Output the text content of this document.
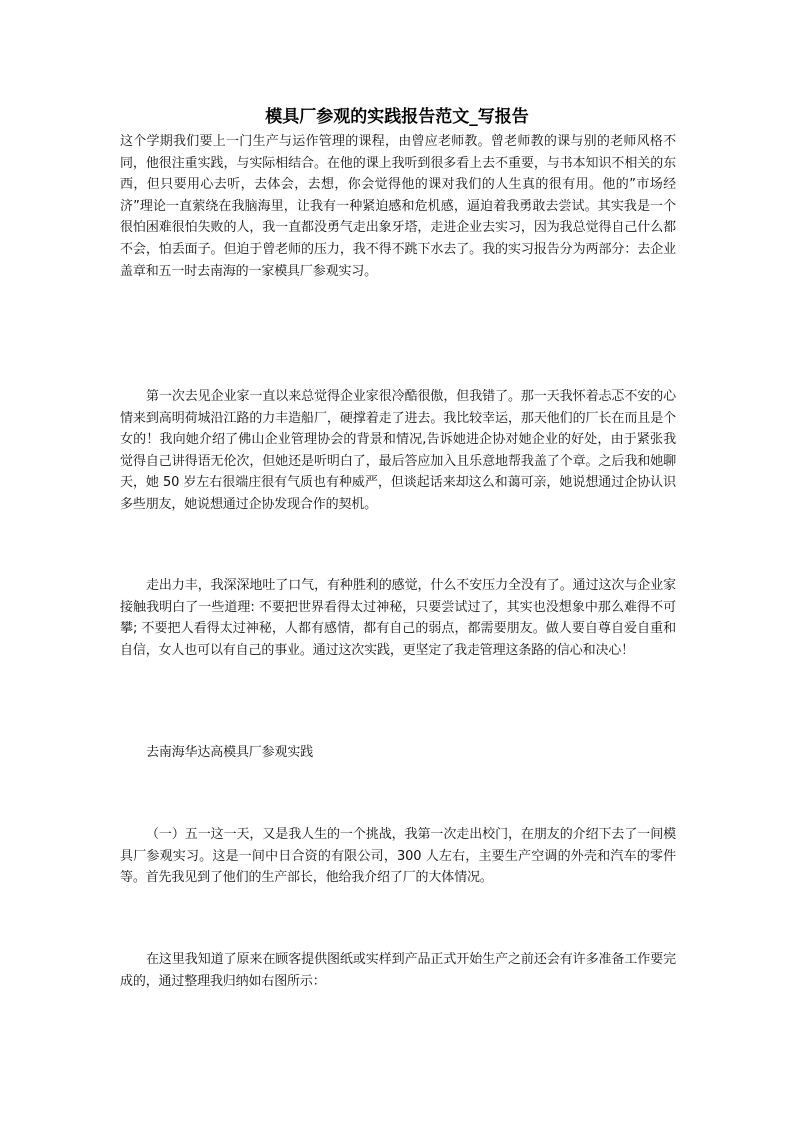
模具厂参观的实践报告范文_写报告

这个学期我们要上一门生产与运作管理的课程，由曾应老师教。曾老师教的课与别的老师风格不同，他很注重实践，与实际相结合。在他的课上我听到很多看上去不重要，与书本知识不相关的东西，但只要用心去听，去体会，去想，你会觉得他的课对我们的人生真的很有用。他的”市场经济”理论一直萦绕在我脑海里，让我有一种紧迫感和危机感，逼迫着我勇敢去尝试。其实我是一个很怕困难很怕失败的人，我一直都没勇气走出象牙塔，走进企业去实习，因为我总觉得自己什么都不会，怕丢面子。但迫于曾老师的压力，我不得不跳下水去了。我的实习报告分为两部分：去企业盖章和五一时去南海的一家模具厂参观实习。

第一次去见企业家一直以来总觉得企业家很冷酷很傲，但我错了。那一天我怀着忐忑不安的心情来到高明荷城沿江路的力丰造船厂，硬撑着走了进去。我比较幸运，那天他们的厂长在而且是个女的！我向她介绍了佛山企业管理协会的背景和情况,告诉她进企协对她企业的好处，由于紧张我觉得自己讲得语无伦次，但她还是听明白了，最后答应加入且乐意地帮我盖了个章。之后我和她聊天，她 50 岁左右很端庄很有气质也有种威严，但谈起话来却这么和蔼可亲，她说想通过企协认识多些朋友，她说想通过企协发现合作的契机。

走出力丰，我深深地吐了口气，有种胜利的感觉，什么不安压力全没有了。通过这次与企业家接触我明白了一些道理: 不要把世界看得太过神秘，只要尝试过了，其实也没想象中那么难得不可攀; 不要把人看得太过神秘，人都有感情，都有自己的弱点，都需要朋友。做人要自尊自爱自重和自信，女人也可以有自己的事业。通过这次实践，更坚定了我走管理这条路的信心和决心！

去南海华达高模具厂参观实践

（一）五一这一天，又是我人生的一个挑战，我第一次走出校门，在朋友的介绍下去了一间模具厂参观实习。这是一间中日合资的有限公司，300 人左右，主要生产空调的外壳和汽车的零件等。首先我见到了他们的生产部长，他给我介绍了厂的大体情况。

在这里我知道了原来在顾客提供图纸或实样到产品正式开始生产之前还会有许多准备工作要完成的，通过整理我归纳如右图所示：
